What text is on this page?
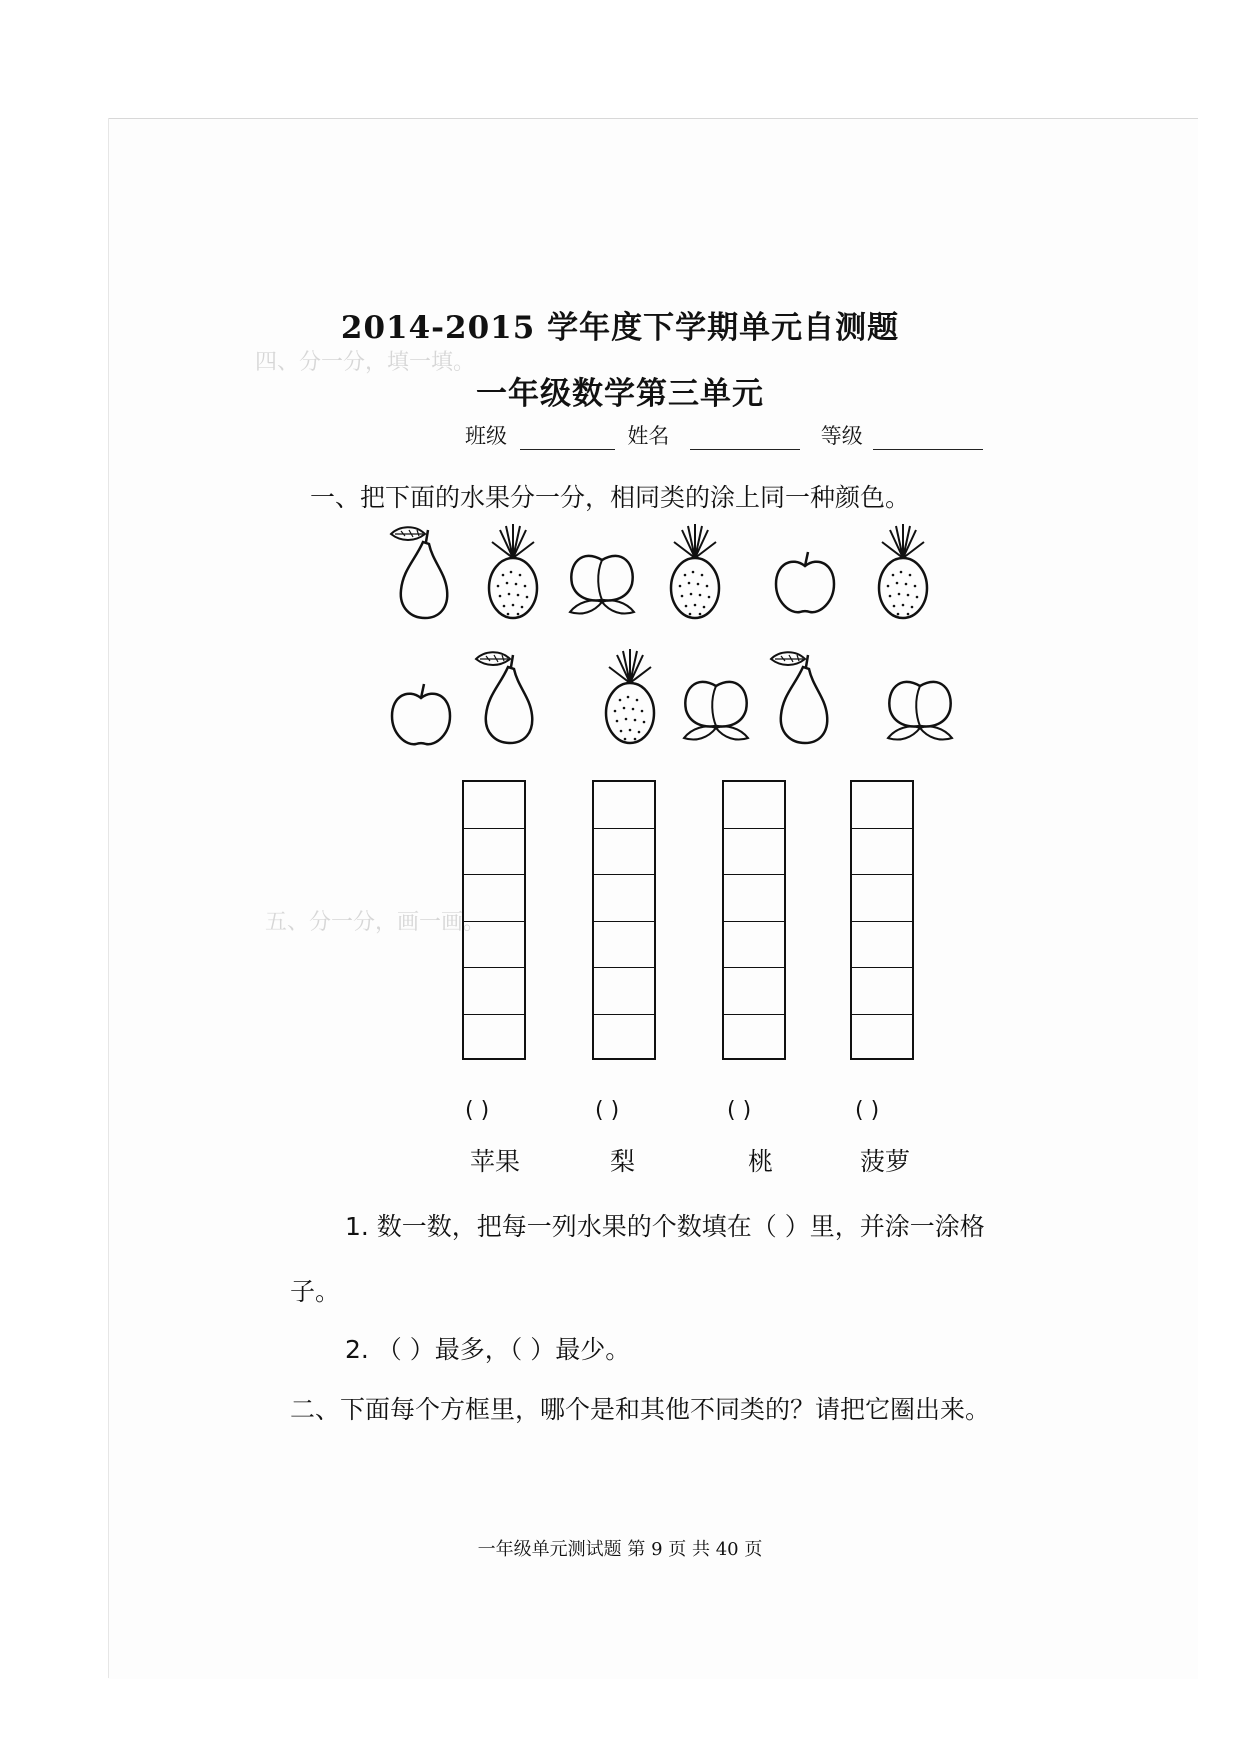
四、分一分，填一填。
五、分一分，画一画。
2014-2015 学年度下学期单元自测题
一年级数学第三单元
班级	姓名	等级
一、把下面的水果分一分，相同类的涂上同一种颜色。
( )	( )	( )	( )
苹果	梨	桃	菠萝
1. 数一数，把每一列水果的个数填在（ ）里，并涂一涂格
子。
2. （ ）最多，（ ）最少。
二、下面每个方框里，哪个是和其他不同类的？请把它圈出来。
一年级单元测试题 第 9 页 共 40 页
